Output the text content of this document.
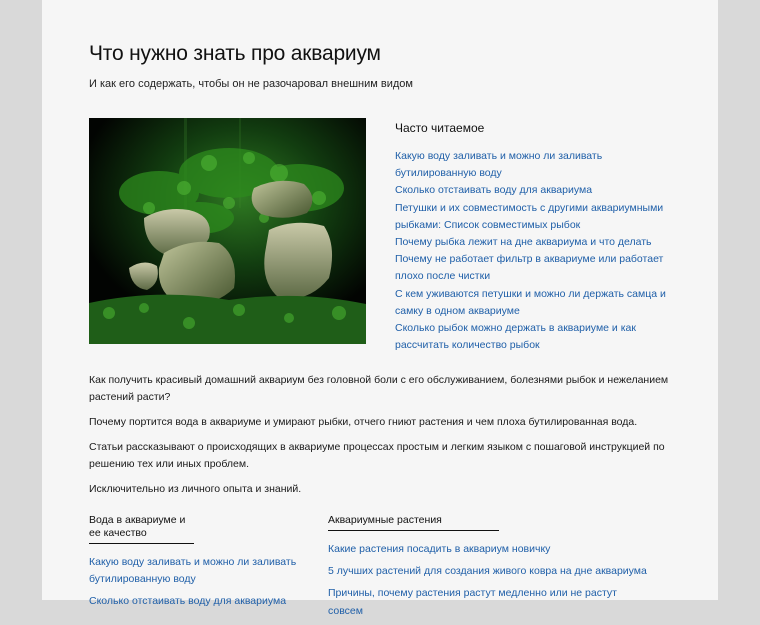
Что нужно знать про аквариум

И как его содержать, чтобы он не разочаровал внешним видом

Часто читаемое
Какую воду заливать и можно ли заливать бутилированную воду
Сколько отстаивать воду для аквариума
Петушки и их совместимость с другими аквариумными рыбками: Список совместимых рыбок
Почему рыбка лежит на дне аквариума и что делать
Почему не работает фильтр в аквариуме или работает плохо после чистки
С кем уживаются петушки и можно ли держать самца и самку в одном аквариуме
Сколько рыбок можно держать в аквариуме и как рассчитать количество рыбок

Как получить красивый домашний аквариум без головной боли с его обслуживанием, болезнями рыбок и нежеланием растений расти?

Почему портится вода в аквариуме и умирают рыбки, отчего гниют растения и чем плоха бутилированная вода.

Статьи рассказывают о происходящих в аквариуме процессах простым и легким языком с пошаговой инструкцией по решению тех или иных проблем.

Исключительно из личного опыта и знаний.

Вода в аквариуме и ее качество
Какую воду заливать и можно ли заливать бутилированную воду
Сколько отстаивать воду для аквариума
Аквариумные растения
Какие растения посадить в аквариум новичку
5 лучших растений для создания живого ковра на дне аквариума
Причины, почему растения растут медленно или не растут совсем
